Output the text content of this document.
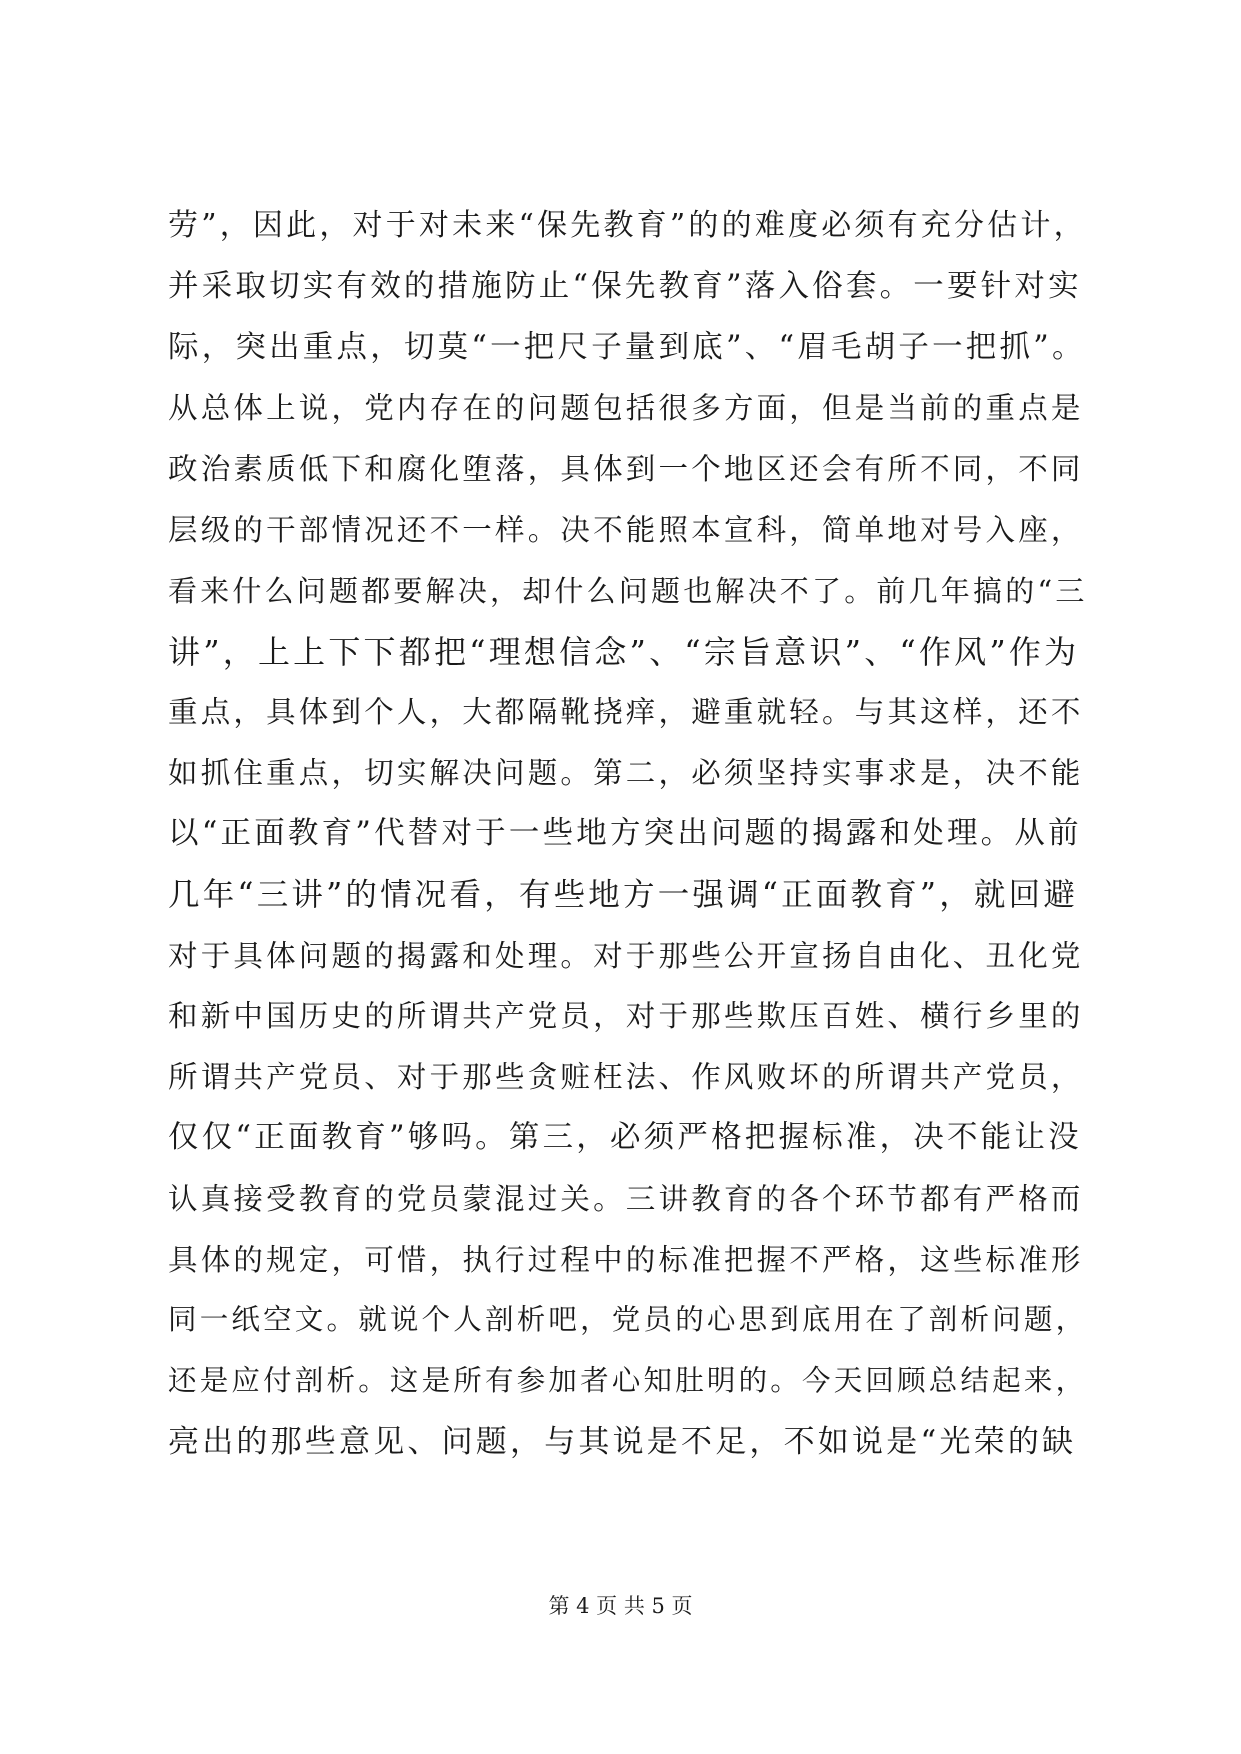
劳”，因此，对于对未来“保先教育”的的难度必须有充分估计，
并采取切实有效的措施防止“保先教育”落入俗套。一要针对实
际，突出重点，切莫“一把尺子量到底”、“眉毛胡子一把抓”。
从总体上说，党内存在的问题包括很多方面，但是当前的重点是
政治素质低下和腐化堕落，具体到一个地区还会有所不同，不同
层级的干部情况还不一样。决不能照本宣科，简单地对号入座，
看来什么问题都要解决，却什么问题也解决不了。前几年搞的“三
讲”，上上下下都把“理想信念”、“宗旨意识”、“作风”作为
重点，具体到个人，大都隔靴挠痒，避重就轻。与其这样，还不
如抓住重点，切实解决问题。第二，必须坚持实事求是，决不能
以“正面教育”代替对于一些地方突出问题的揭露和处理。从前
几年“三讲”的情况看，有些地方一强调“正面教育”，就回避
对于具体问题的揭露和处理。对于那些公开宣扬自由化、丑化党
和新中国历史的所谓共产党员，对于那些欺压百姓、横行乡里的
所谓共产党员、对于那些贪赃枉法、作风败坏的所谓共产党员，
仅仅“正面教育”够吗。第三，必须严格把握标准，决不能让没
认真接受教育的党员蒙混过关。三讲教育的各个环节都有严格而
具体的规定，可惜，执行过程中的标准把握不严格，这些标准形
同一纸空文。就说个人剖析吧，党员的心思到底用在了剖析问题，
还是应付剖析。这是所有参加者心知肚明的。今天回顾总结起来，
亮出的那些意见、问题，与其说是不足，不如说是“光荣的缺
第 4 页 共 5 页
